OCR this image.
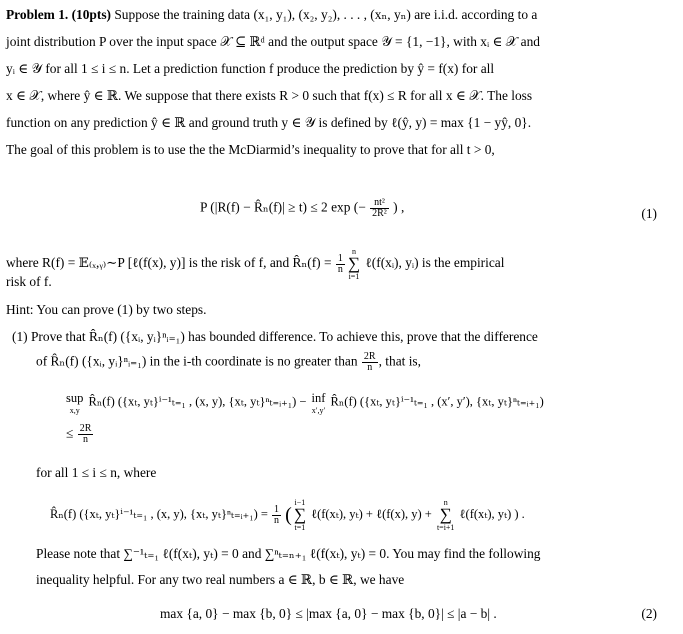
Problem 1. (10pts) Suppose the training data (x₁, y₁), (x₂, y₂), . . . , (xₙ, yₙ) are i.i.d. according to a
joint distribution P over the input space 𝒳 ⊆ ℝᵈ and the output space 𝒴 = {1, −1}, with xᵢ ∈ 𝒳 and
yᵢ ∈ 𝒴 for all 1 ≤ i ≤ n. Let a prediction function f produce the prediction by ŷ = f(x) for all
x ∈ 𝒳, where ŷ ∈ ℝ. We suppose that there exists R > 0 such that f(x) ≤ R for all x ∈ 𝒳. The loss
function on any prediction ŷ ∈ ℝ and ground truth y ∈ 𝒴 is defined by ℓ(ŷ, y) = max {1 − yŷ, 0}.
The goal of this problem is to use the the McDiarmid’s inequality to prove that for all t > 0,
P (|R(f) − R̂ₙ(f)| ≥ t) ≤ 2 exp (− $\frac{\text{nt²}}{\text{2R²}}$ ) ,	(1)
where R(f) = 𝔼₍ₓ,ᵧ₎∼P [ℓ(f(x), y)] is the risk of f, and R̂ₙ(f) = $\frac{1}{n}$
n
∑
i=1
ℓ(f(xᵢ), yᵢ) is the empirical
risk of f.
Hint: You can prove (1) by two steps.
(1) Prove that R̂ₙ(f) ({xᵢ, yᵢ}ⁿᵢ₌₁) has bounded difference. To achieve this, prove that the difference
of R̂ₙ(f) ({xᵢ, yᵢ}ⁿᵢ₌₁) in the i-th coordinate is no greater than $\frac{2R}{n}$ , that is,
sup
x,y
R̂ₙ(f) ({xₜ, yₜ}ⁱ⁻¹ₜ₌₁ , (x, y), {xₜ, yₜ}ⁿₜ₌ᵢ₊₁) − inf
x′,y′
R̂ₙ(f) ({xₜ, yₜ}ⁱ⁻¹ₜ₌₁ , (x′, y′), {xₜ, yₜ}ⁿₜ₌ᵢ₊₁)
≤ $\frac{2R}{n}$
for all 1 ≤ i ≤ n, where
R̂ₙ(f) ({xₜ, yₜ}ⁱ⁻¹ₜ₌₁ , (x, y), {xₜ, yₜ}ⁿₜ₌ᵢ₊₁) = $\frac{1}{n}$ (
i−1
∑
t=1
ℓ(f(xₜ), yₜ) + ℓ(f(x), y) +
n
∑
t=i+1
ℓ(f(xₜ), yₜ) ) .
Please note that ∑⁻¹ₜ₌₁ ℓ(f(xₜ), yₜ) = 0 and ∑ⁿₜ₌ₙ₊₁ ℓ(f(xₜ), yₜ) = 0. You may find the following
inequality helpful. For any two real numbers a ∈ ℝ, b ∈ ℝ, we have
max {a, 0} − max {b, 0} ≤ |max {a, 0} − max {b, 0}| ≤ |a − b| .	(2)
